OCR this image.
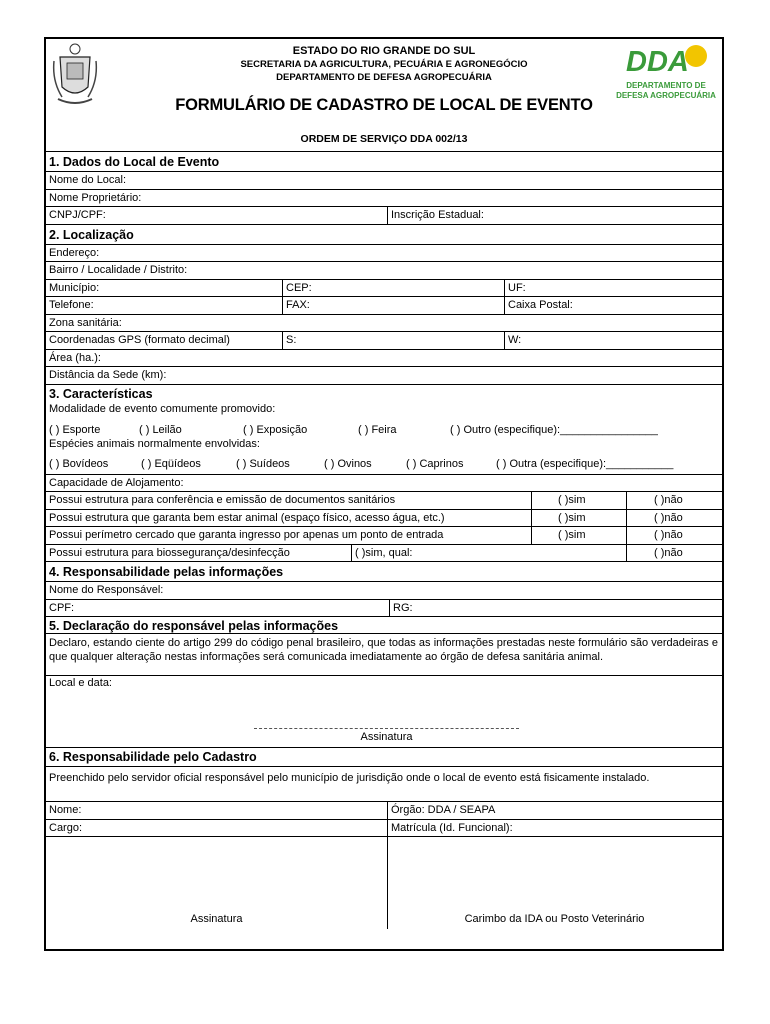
ESTADO DO RIO GRANDE DO SUL
SECRETARIA DA AGRICULTURA, PECUÁRIA E AGRONEGÓCIO
DEPARTAMENTO DE DEFESA AGROPECUÁRIA
FORMULÁRIO DE CADASTRO DE LOCAL DE EVENTO
ORDEM DE SERVIÇO DDA 002/13
DDA
DEPARTAMENTO DE
DEFESA AGROPECUÁRIA
1. Dados do Local de Evento
Nome do Local:
Nome Proprietário:
CNPJ/CPF:	Inscrição Estadual:
2. Localização
Endereço:
Bairro / Localidade / Distrito:
Município:	CEP:	UF:
Telefone:	FAX:	Caixa Postal:
Zona sanitária:
Coordenadas GPS (formato decimal)	S:	W:
Área (ha.):
Distância da Sede (km):
3. Características
Modalidade de evento comumente promovido:
( ) Esporte	( ) Leilão	( ) Exposição	( ) Feira	( ) Outro (especifique):________________
Espécies animais normalmente envolvidas:
( ) Bovídeos	( ) Eqüídeos	( ) Suídeos	( ) Ovinos	( ) Caprinos	( ) Outra (especifique):___________
Capacidade de Alojamento:
Possui estrutura para conferência e emissão de documentos sanitários	( )sim	( )não
Possui estrutura que garanta bem estar animal (espaço físico, acesso água, etc.)	( )sim	( )não
Possui perímetro cercado que garanta ingresso por apenas um ponto de entrada	( )sim	( )não
Possui estrutura para biossegurança/desinfecção	( )sim, qual:	( )não
4. Responsabilidade pelas informações
Nome do Responsável:
CPF:	RG:
5. Declaração do responsável pelas informações
Declaro, estando ciente do artigo 299 do código penal brasileiro, que todas as informações prestadas neste formulário são verdadeiras e que qualquer alteração nestas informações será comunicada imediatamente ao órgão de defesa sanitária animal.
Local e data:
Assinatura
6. Responsabilidade pelo Cadastro
Preenchido pelo servidor oficial responsável pelo município de jurisdição onde o local de evento está fisicamente instalado.
Nome:	Órgão: DDA / SEAPA
Cargo:	Matrícula (Id. Funcional):
Assinatura	Carimbo da IDA ou Posto Veterinário
